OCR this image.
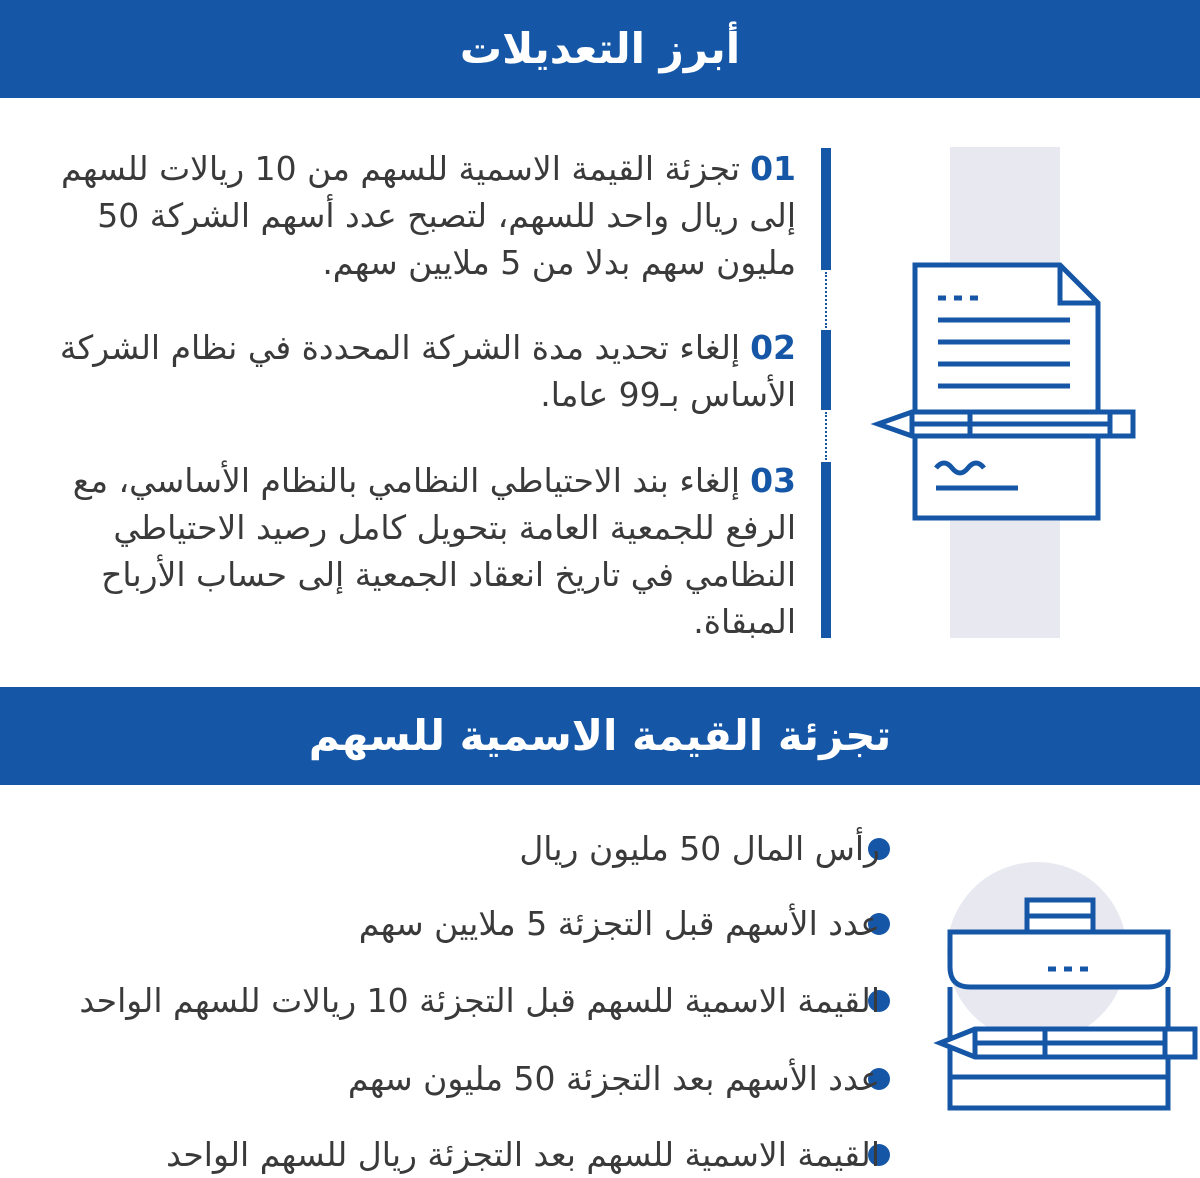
أبرز التعديلات
01تجزئة القيمة الاسمية للسهم من 10 ريالات للسهم إلى ريال واحد للسهم، لتصبح عدد أسهم الشركة 50 مليون سهم بدلا من 5 ملايين سهم.
02إلغاء تحديد مدة الشركة المحددة في نظام الشركة الأساس بـ99 عاما.
03إلغاء بند الاحتياطي النظامي بالنظام الأساسي، مع الرفع للجمعية العامة بتحويل كامل رصيد الاحتياطي النظامي في تاريخ انعقاد الجمعية إلى حساب الأرباح المبقاة.
تجزئة القيمة الاسمية للسهم
رأس المال 50 مليون ريال
عدد الأسهم قبل التجزئة 5 ملايين سهم
القيمة الاسمية للسهم قبل التجزئة 10 ريالات للسهم الواحد
عدد الأسهم بعد التجزئة 50 مليون سهم
القيمة الاسمية للسهم بعد التجزئة ريال للسهم الواحد
